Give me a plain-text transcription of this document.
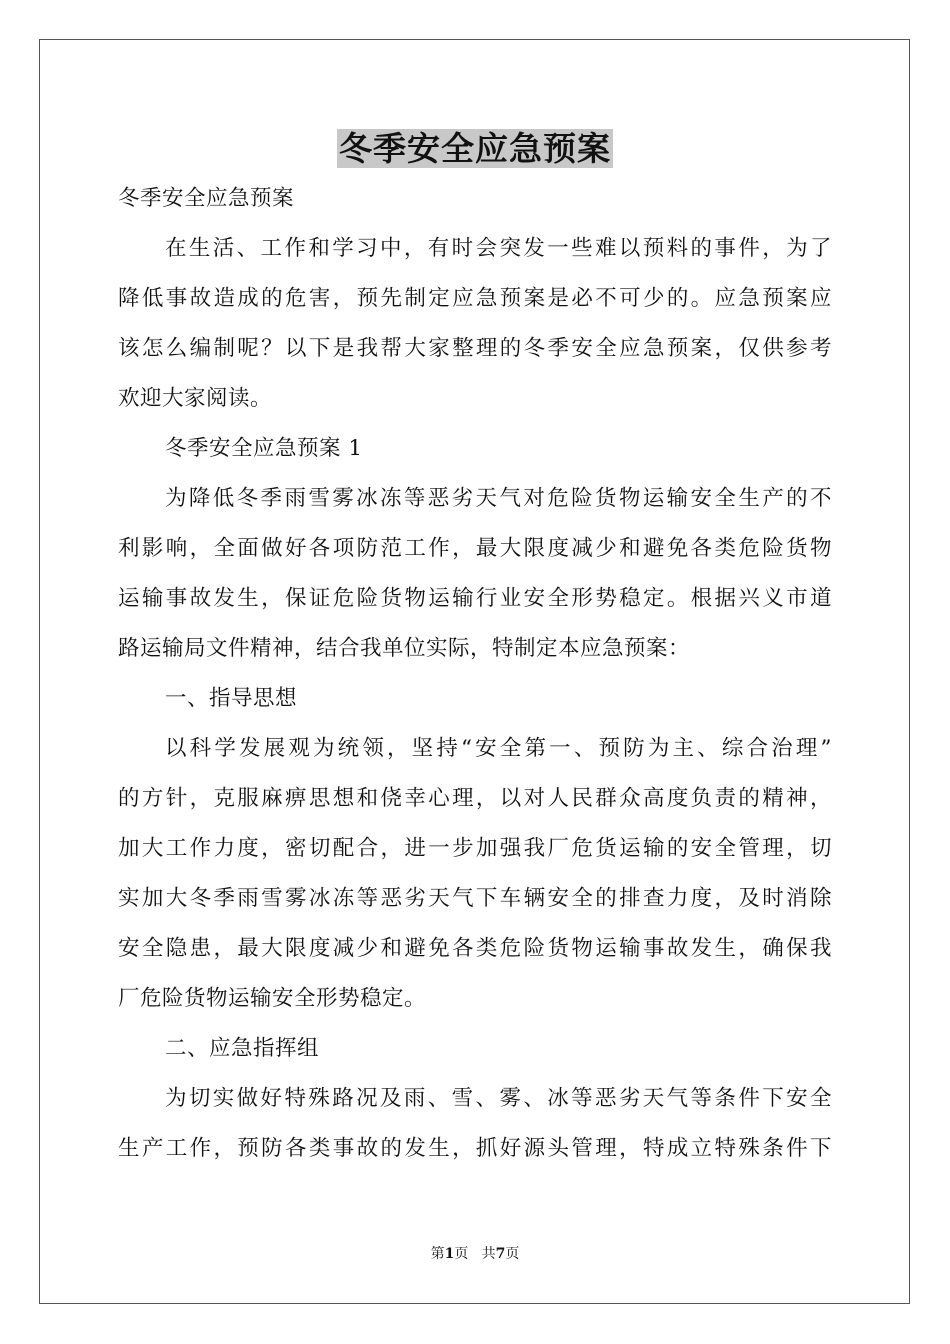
冬季安全应急预案
冬季安全应急预案
在生活、工作和学习中，有时会突发一些难以预料的事件，为了
降低事故造成的危害，预先制定应急预案是必不可少的。应急预案应
该怎么编制呢？以下是我帮大家整理的冬季安全应急预案，仅供参考
欢迎大家阅读。
冬季安全应急预案 1
为降低冬季雨雪雾冰冻等恶劣天气对危险货物运输安全生产的不
利影响，全面做好各项防范工作，最大限度减少和避免各类危险货物
运输事故发生，保证危险货物运输行业安全形势稳定。根据兴义市道
路运输局文件精神，结合我单位实际，特制定本应急预案：
一、指导思想
以科学发展观为统领，坚持“安全第一、预防为主、综合治理”
的方针，克服麻痹思想和侥幸心理，以对人民群众高度负责的精神，
加大工作力度，密切配合，进一步加强我厂危货运输的安全管理，切
实加大冬季雨雪雾冰冻等恶劣天气下车辆安全的排查力度，及时消除
安全隐患，最大限度减少和避免各类危险货物运输事故发生，确保我
厂危险货物运输安全形势稳定。
二、应急指挥组
为切实做好特殊路况及雨、雪、雾、冰等恶劣天气等条件下安全
生产工作，预防各类事故的发生，抓好源头管理，特成立特殊条件下
第1页 共7页
